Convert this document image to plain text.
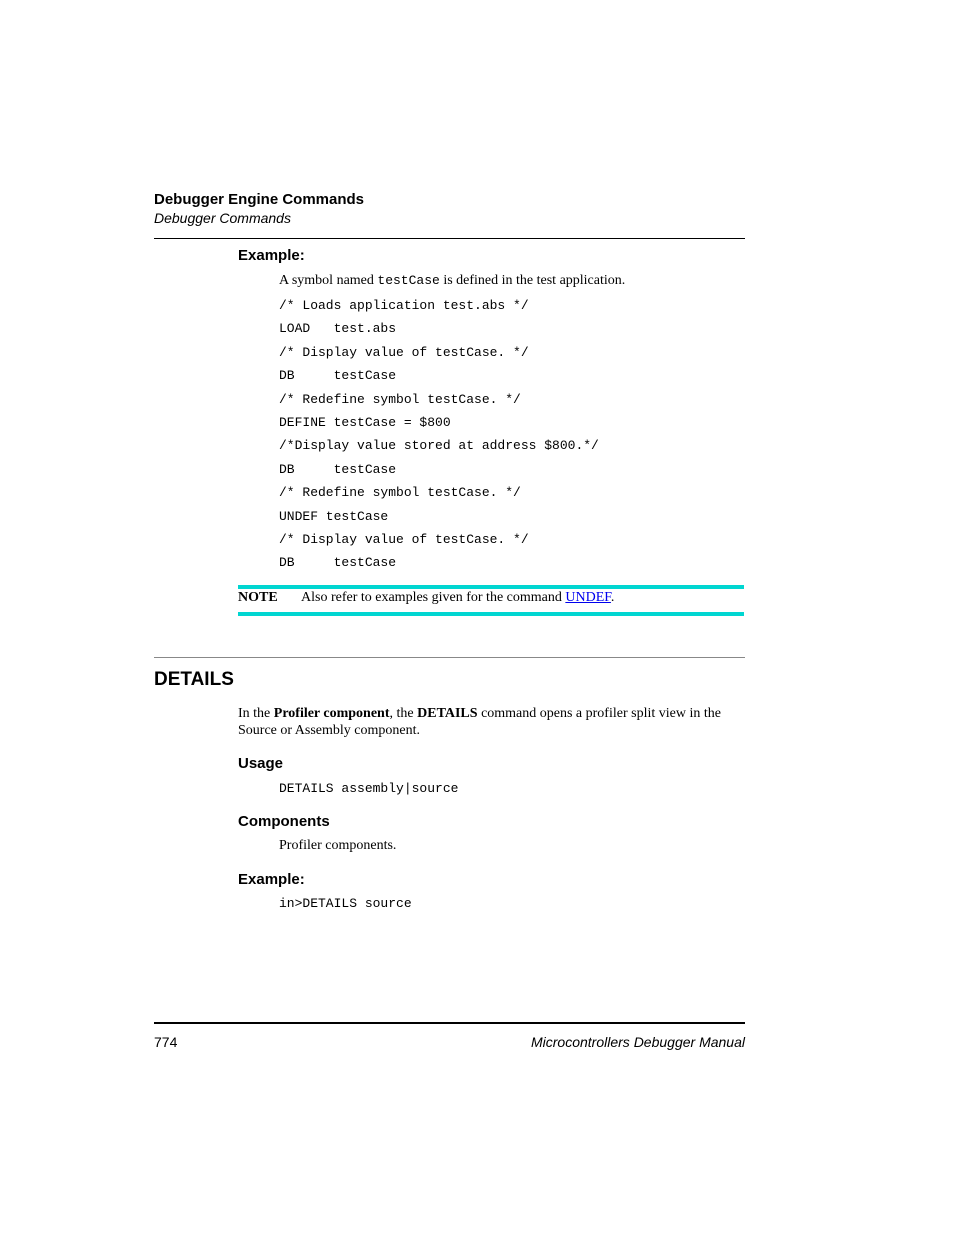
Debugger Engine Commands
Debugger Commands
Example:
A symbol named testCase is defined in the test application.
/* Loads application test.abs */
LOAD   test.abs
/* Display value of testCase. */
DB     testCase
/* Redefine symbol testCase. */
DEFINE testCase = $800
/*Display value stored at address $800.*/
DB     testCase
/* Redefine symbol testCase. */
UNDEF testCase
/* Display value of testCase. */
DB     testCase
NOTE Also refer to examples given for the command UNDEF.
DETAILS
In the Profiler component, the DETAILS command opens a profiler split view in the Source or Assembly component.
Usage
DETAILS assembly|source
Components
Profiler components.
Example:
in>DETAILS source
774	Microcontrollers Debugger Manual
